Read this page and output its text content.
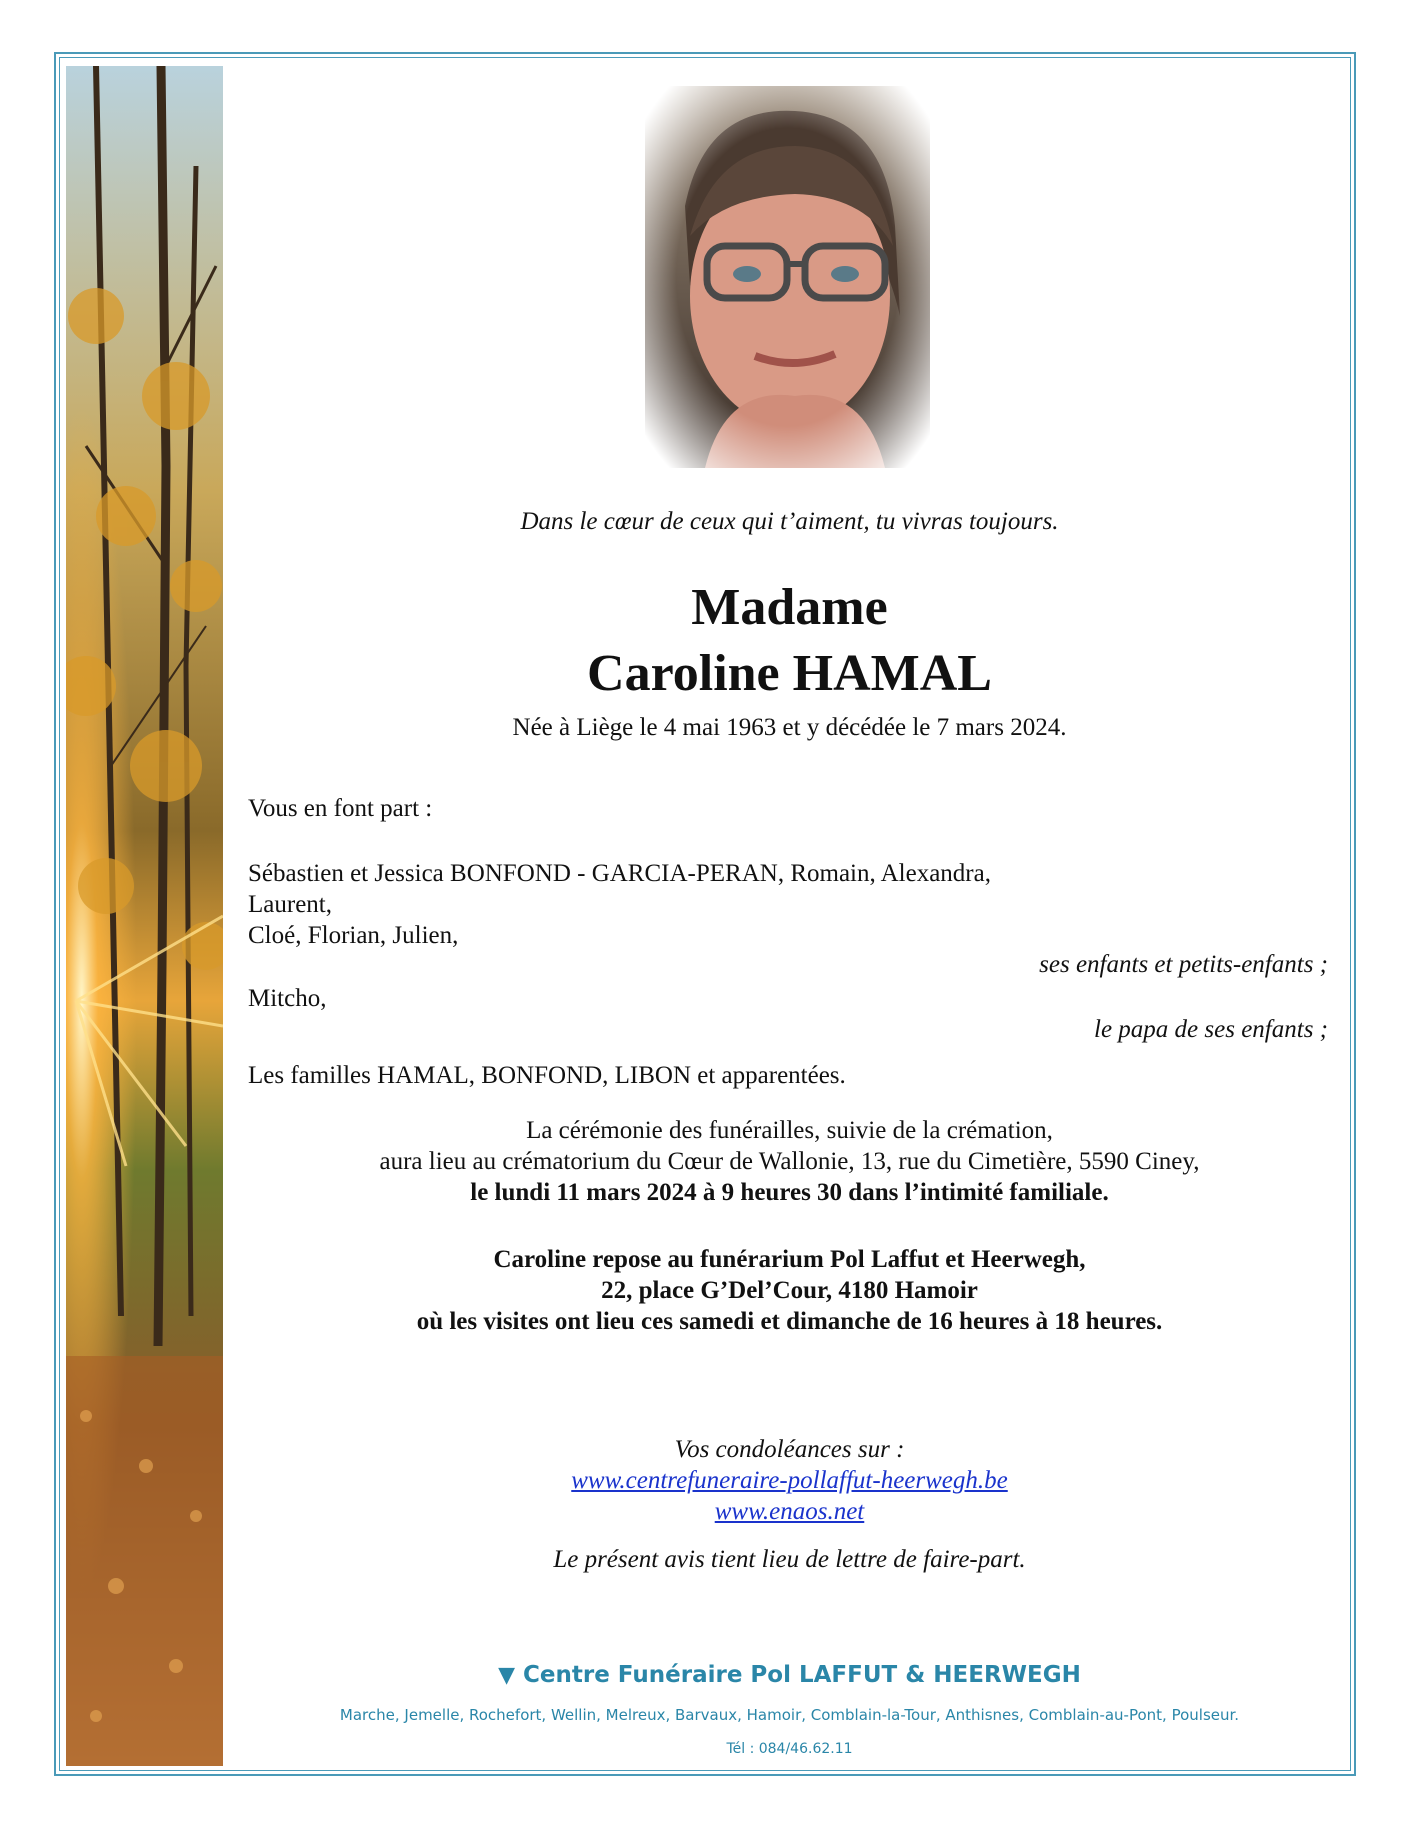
Dans le cœur de ceux qui t’aiment, tu vivras toujours.
Madame
Caroline HAMAL
Née à Liège le 4 mai 1963 et y décédée le 7 mars 2024.
Vous en font part :
Sébastien et Jessica BONFOND - GARCIA-PERAN, Romain, Alexandra,
Laurent,
Cloé, Florian, Julien,
ses enfants et petits-enfants ;
Mitcho,
le papa de ses enfants ;
Les familles HAMAL, BONFOND, LIBON et apparentées.
La cérémonie des funérailles, suivie de la crémation,
aura lieu au crématorium du Cœur de Wallonie, 13, rue du Cimetière, 5590 Ciney,
le lundi 11 mars 2024 à 9 heures 30 dans l’intimité familiale.
Caroline repose au funérarium Pol Laffut et Heerwegh,
22, place G’Del’Cour, 4180 Hamoir
où les visites ont lieu ces samedi et dimanche de 16 heures à 18 heures.
Vos condoléances sur :
www.centrefuneraire-pollaffut-heerwegh.be
www.enaos.net
Le présent avis tient lieu de lettre de faire-part.
▼ Centre Funéraire Pol LAFFUT & HEERWEGH
Marche, Jemelle, Rochefort, Wellin, Melreux, Barvaux, Hamoir, Comblain-la-Tour, Anthisnes, Comblain-au-Pont, Poulseur.
Tél : 084/46.62.11
